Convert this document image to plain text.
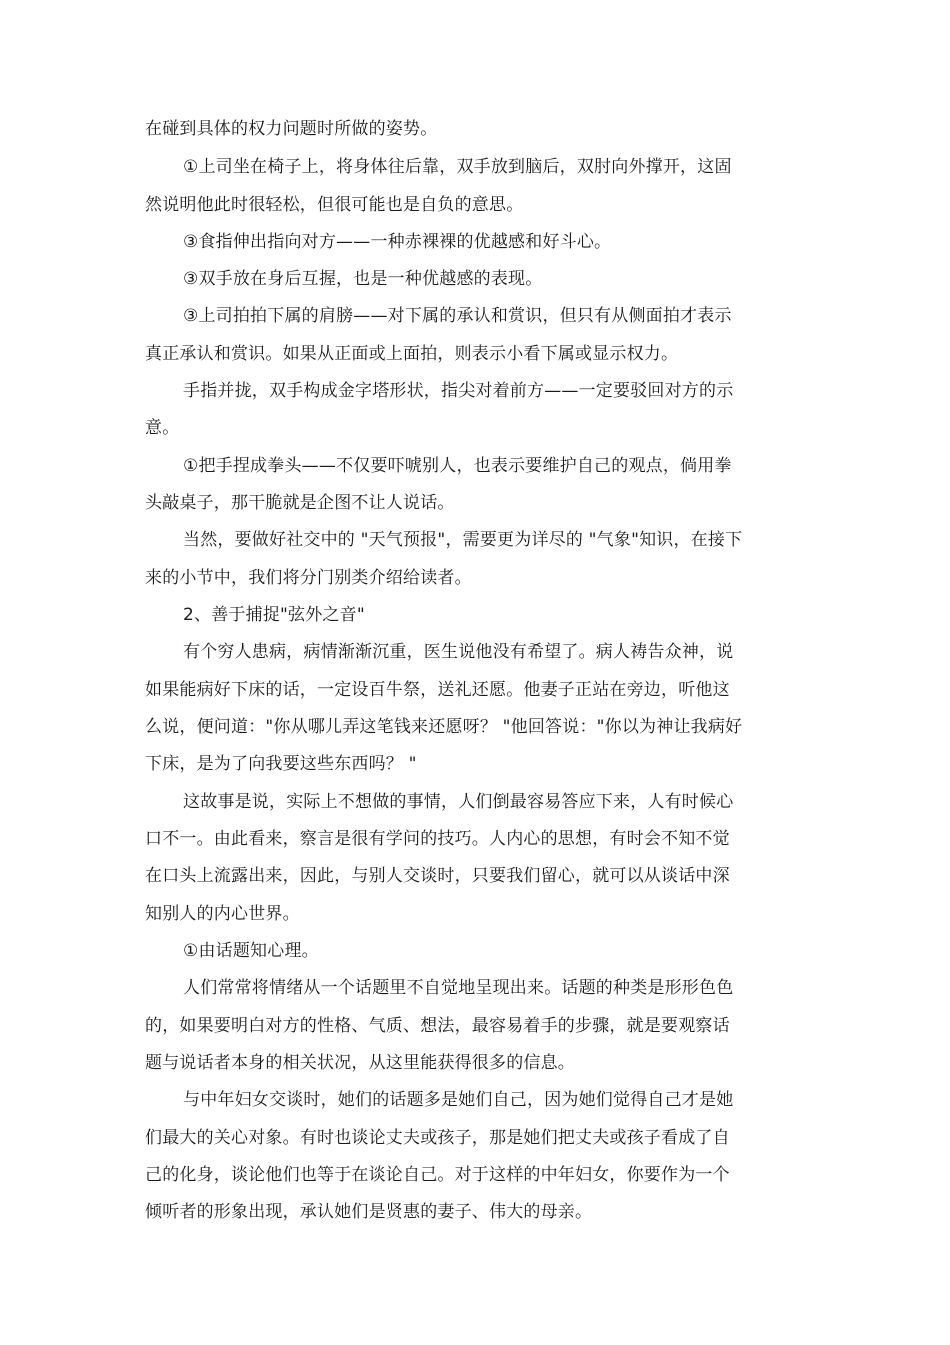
在碰到具体的权力问题时所做的姿势。
①上司坐在椅子上，将身体往后靠，双手放到脑后，双肘向外撑开，这固
然说明他此时很轻松，但很可能也是自负的意思。
③食指伸出指向对方——一种赤裸裸的优越感和好斗心。
③双手放在身后互握，也是一种优越感的表现。
③上司拍拍下属的肩膀——对下属的承认和赏识，但只有从侧面拍才表示
真正承认和赏识。如果从正面或上面拍，则表示小看下属或显示权力。
手指并拢，双手构成金字塔形状，指尖对着前方——一定要驳回对方的示
意。
①把手捏成拳头——不仅要吓唬别人，也表示要维护自己的观点，倘用拳
头敲桌子，那干脆就是企图不让人说话。
当然，要做好社交中的 "天气预报"，需要更为详尽的 "气象"知识，在接下
来的小节中，我们将分门别类介绍给读者。
2、善于捕捉"弦外之音"
有个穷人患病，病情渐渐沉重，医生说他没有希望了。病人祷告众神，说
如果能病好下床的话，一定设百牛祭，送礼还愿。他妻子正站在旁边，听他这
么说，便问道："你从哪儿弄这笔钱来还愿呀？ "他回答说："你以为神让我病好
下床，是为了向我要这些东西吗？ "
这故事是说，实际上不想做的事情，人们倒最容易答应下来，人有时候心
口不一。由此看来，察言是很有学问的技巧。人内心的思想，有时会不知不觉
在口头上流露出来，因此，与别人交谈时，只要我们留心，就可以从谈话中深
知别人的内心世界。
①由话题知心理。
人们常常将情绪从一个话题里不自觉地呈现出来。话题的种类是形形色色
的，如果要明白对方的性格、气质、想法，最容易着手的步骤，就是要观察话
题与说话者本身的相关状况，从这里能获得很多的信息。
与中年妇女交谈时，她们的话题多是她们自己，因为她们觉得自己才是她
们最大的关心对象。有时也谈论丈夫或孩子，那是她们把丈夫或孩子看成了自
己的化身，谈论他们也等于在谈论自己。对于这样的中年妇女，你要作为一个
倾听者的形象出现，承认她们是贤惠的妻子、伟大的母亲。
